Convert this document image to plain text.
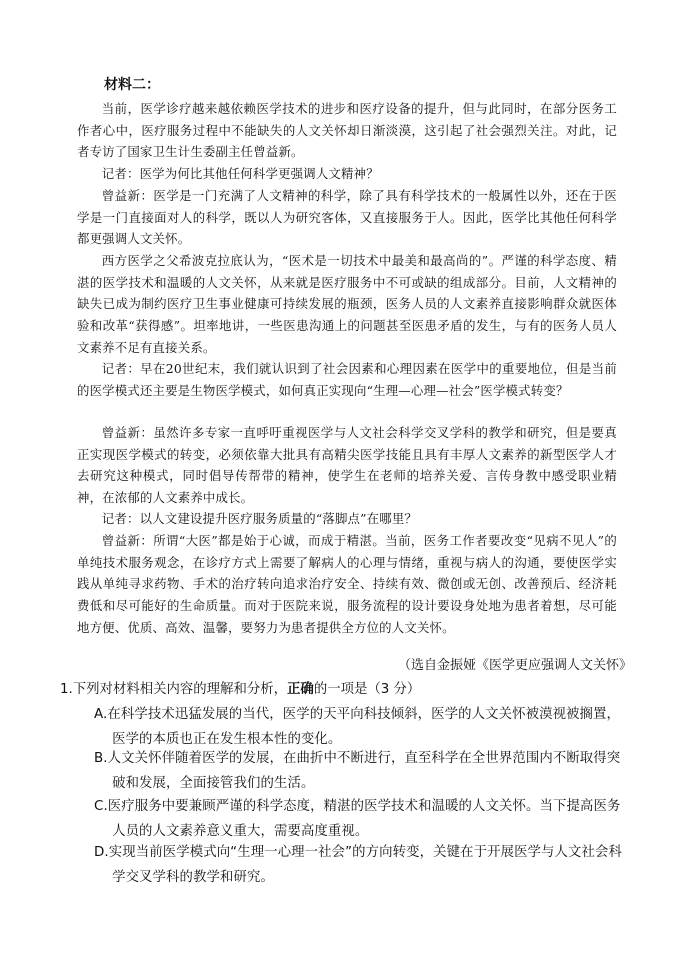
材料二：

当前，医学诊疗越来越依赖医学技术的进步和医疗设备的提升，但与此同时，在部分医务工作者心中，医疗服务过程中不能缺失的人文关怀却日渐淡漠，这引起了社会强烈关注。对此，记者专访了国家卫生计生委副主任曾益新。

记者：医学为何比其他任何科学更强调人文精神？

曾益新：医学是一门充满了人文精神的科学，除了具有科学技术的一般属性以外，还在于医学是一门直接面对人的科学，既以人为研究客体，又直接服务于人。因此，医学比其他任何科学都更强调人文关怀。

西方医学之父希波克拉底认为，“医术是一切技术中最美和最高尚的”。严谨的科学态度、精湛的医学技术和温暖的人文关怀，从来就是医疗服务中不可或缺的组成部分。目前，人文精神的缺失已成为制约医疗卫生事业健康可持续发展的瓶颈，医务人员的人文素养直接影响群众就医体验和改革“获得感”。坦率地讲，一些医患沟通上的问题甚至医患矛盾的发生，与有的医务人员人文素养不足有直接关系。

记者：早在20世纪末，我们就认识到了社会因素和心理因素在医学中的重要地位，但是当前的医学模式还主要是生物医学模式，如何真正实现向“生理—心理—社会”医学模式转变？

曾益新：虽然许多专家一直呼吁重视医学与人文社会科学交叉学科的教学和研究，但是要真正实现医学模式的转变，必须依靠大批具有高精尖医学技能且具有丰厚人文素养的新型医学人才去研究这种模式，同时倡导传帮带的精神，使学生在老师的培养关爱、言传身教中感受职业精神，在浓郁的人文素养中成长。

记者：以人文建设提升医疗服务质量的“落脚点”在哪里？

曾益新：所谓“大医”都是始于心诚，而成于精湛。当前，医务工作者要改变“见病不见人”的单纯技术服务观念，在诊疗方式上需要了解病人的心理与情绪，重视与病人的沟通，要使医学实践从单纯寻求药物、手术的治疗转向追求治疗安全、持续有效、微创或无创、改善预后、经济耗费低和尽可能好的生命质量。而对于医院来说，服务流程的设计要设身处地为患者着想，尽可能地方便、优质、高效、温馨，要努力为患者提供全方位的人文关怀。

（选自金振娅《医学更应强调人文关怀》
1.下列对材料相关内容的理解和分析，正确的一项是（3 分）
A.在科学技术迅猛发展的当代，医学的天平向科技倾斜，医学的人文关怀被漠视被搁置，医学的本质也正在发生根本性的变化。
B.人文关怀伴随着医学的发展，在曲折中不断进行，直至科学在全世界范围内不断取得突破和发展，全面接管我们的生活。
C.医疗服务中要兼顾严谨的科学态度，精湛的医学技术和温暖的人文关怀。当下提高医务人员的人文素养意义重大，需要高度重视。
D.实现当前医学模式向“生理一心理一社会”的方向转变，关键在于开展医学与人文社会科学交叉学科的教学和研究。
